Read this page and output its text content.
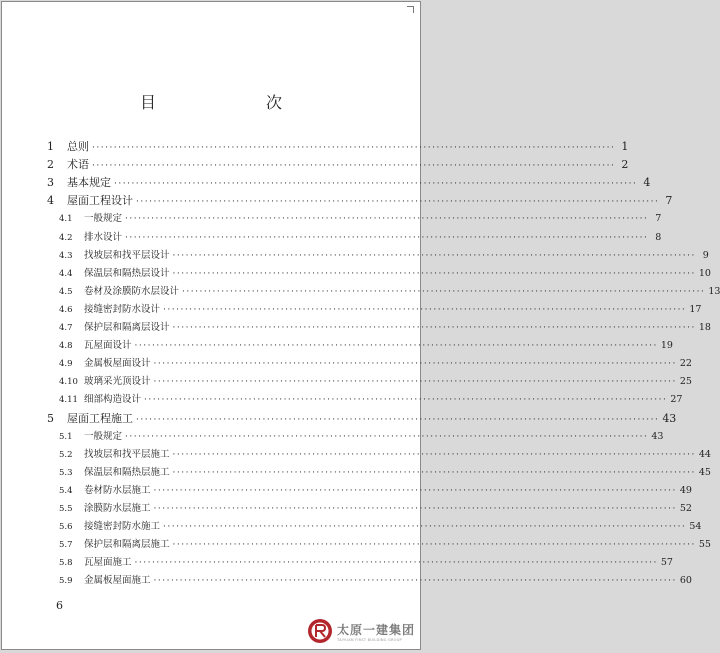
目　　次
1	总则 ························································································································ 1
2	术语 ························································································································ 2
3	基本规定 ························································································································ 4
4	屋面工程设计 ························································································································ 7
4.1	一般规定 ························································································································ 7
4.2	排水设计 ························································································································ 8
4.3	找坡层和找平层设计 ························································································································ 9
4.4	保温层和隔热层设计 ························································································································ 10
4.5	卷材及涂膜防水层设计 ························································································································ 13
4.6	接缝密封防水设计 ························································································································ 17
4.7	保护层和隔离层设计 ························································································································ 18
4.8	瓦屋面设计 ························································································································ 19
4.9	金属板屋面设计 ························································································································ 22
4.10 玻璃采光顶设计 ························································································································ 25
4.11 细部构造设计 ························································································································ 27
5	屋面工程施工 ························································································································ 43
5.1	一般规定 ························································································································ 43
5.2	找坡层和找平层施工 ························································································································ 44
5.3	保温层和隔热层施工 ························································································································ 45
5.4	卷材防水层施工 ························································································································ 49
5.5	涂膜防水层施工 ························································································································ 52
5.6	接缝密封防水施工 ························································································································ 54
5.7	保护层和隔离层施工 ························································································································ 55
5.8	瓦屋面施工 ························································································································ 57
5.9	金属板屋面施工 ························································································································ 60
6
太原一建集团
TAIYUAN FIRST BUILDING GROUP
